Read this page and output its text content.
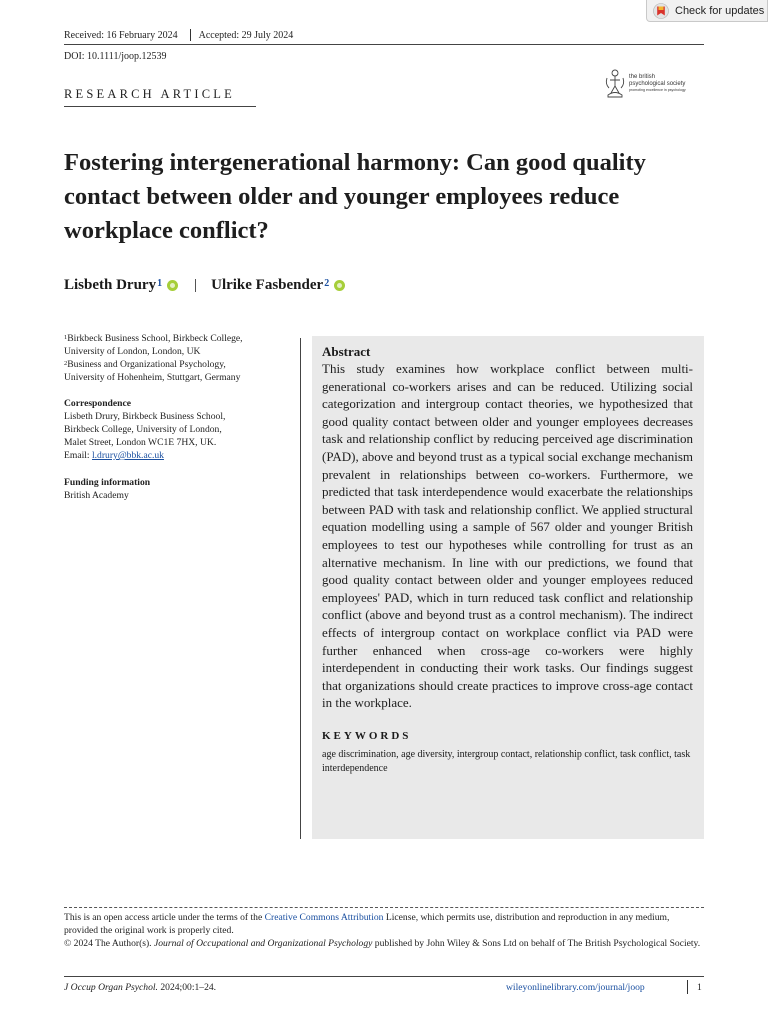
Check for updates
Received: 16 February 2024 Accepted: 29 July 2024
DOI: 10.1111/joop.12539
RESEARCH ARTICLE
the british
psychological society
promoting excellence in psychology
Fostering intergenerational harmony: Can good quality contact between older and younger employees reduce workplace conflict?
Lisbeth Drury$^1$ | Ulrike Fasbender$^2$
$^1$Birkbeck Business School, Birkbeck College,
University of London, London, UK
$^2$Business and Organizational Psychology,
University of Hohenheim, Stuttgart, Germany
Correspondence
Lisbeth Drury, Birkbeck Business School,
Birkbeck College, University of London,
Malet Street, London WC1E 7HX, UK.
Email: l.drury@bbk.ac.uk
Funding information
British Academy
Abstract
This study examines how workplace conflict between multi-generational co-workers arises and can be reduced. Utilizing social categorization and intergroup contact theories, we hypothesized that good quality contact between older and younger employees decreases task and relationship conflict by reducing perceived age discrimination (PAD), above and beyond trust as a typical social exchange mechanism prevalent in relationships between co-workers. Furthermore, we predicted that task interdependence would exacerbate the relationships between PAD with task and relationship conflict. We applied structural equation modelling using a sample of 567 older and younger British employees to test our hypotheses while controlling for trust as an alternative mechanism. In line with our predictions, we found that good quality contact between older and younger employees reduced employees' PAD, which in turn reduced task conflict and relationship conflict (above and beyond trust as a control mechanism). The indirect effects of intergroup contact on workplace conflict via PAD were further enhanced when cross-age co-workers were highly interdependent in conducting their work tasks. Our findings suggest that organizations should create practices to improve cross-age contact in the workplace.
KEYWORDS
age discrimination, age diversity, intergroup contact, relationship conflict, task conflict, task interdependence
This is an open access article under the terms of the Creative Commons Attribution License, which permits use, distribution and reproduction in any medium, provided the original work is properly cited.
© 2024 The Author(s). Journal of Occupational and Organizational Psychology published by John Wiley & Sons Ltd on behalf of The British Psychological Society.
J Occup Organ Psychol. 2024;00:1–24.	wileyonlinelibrary.com/journal/joop	1
